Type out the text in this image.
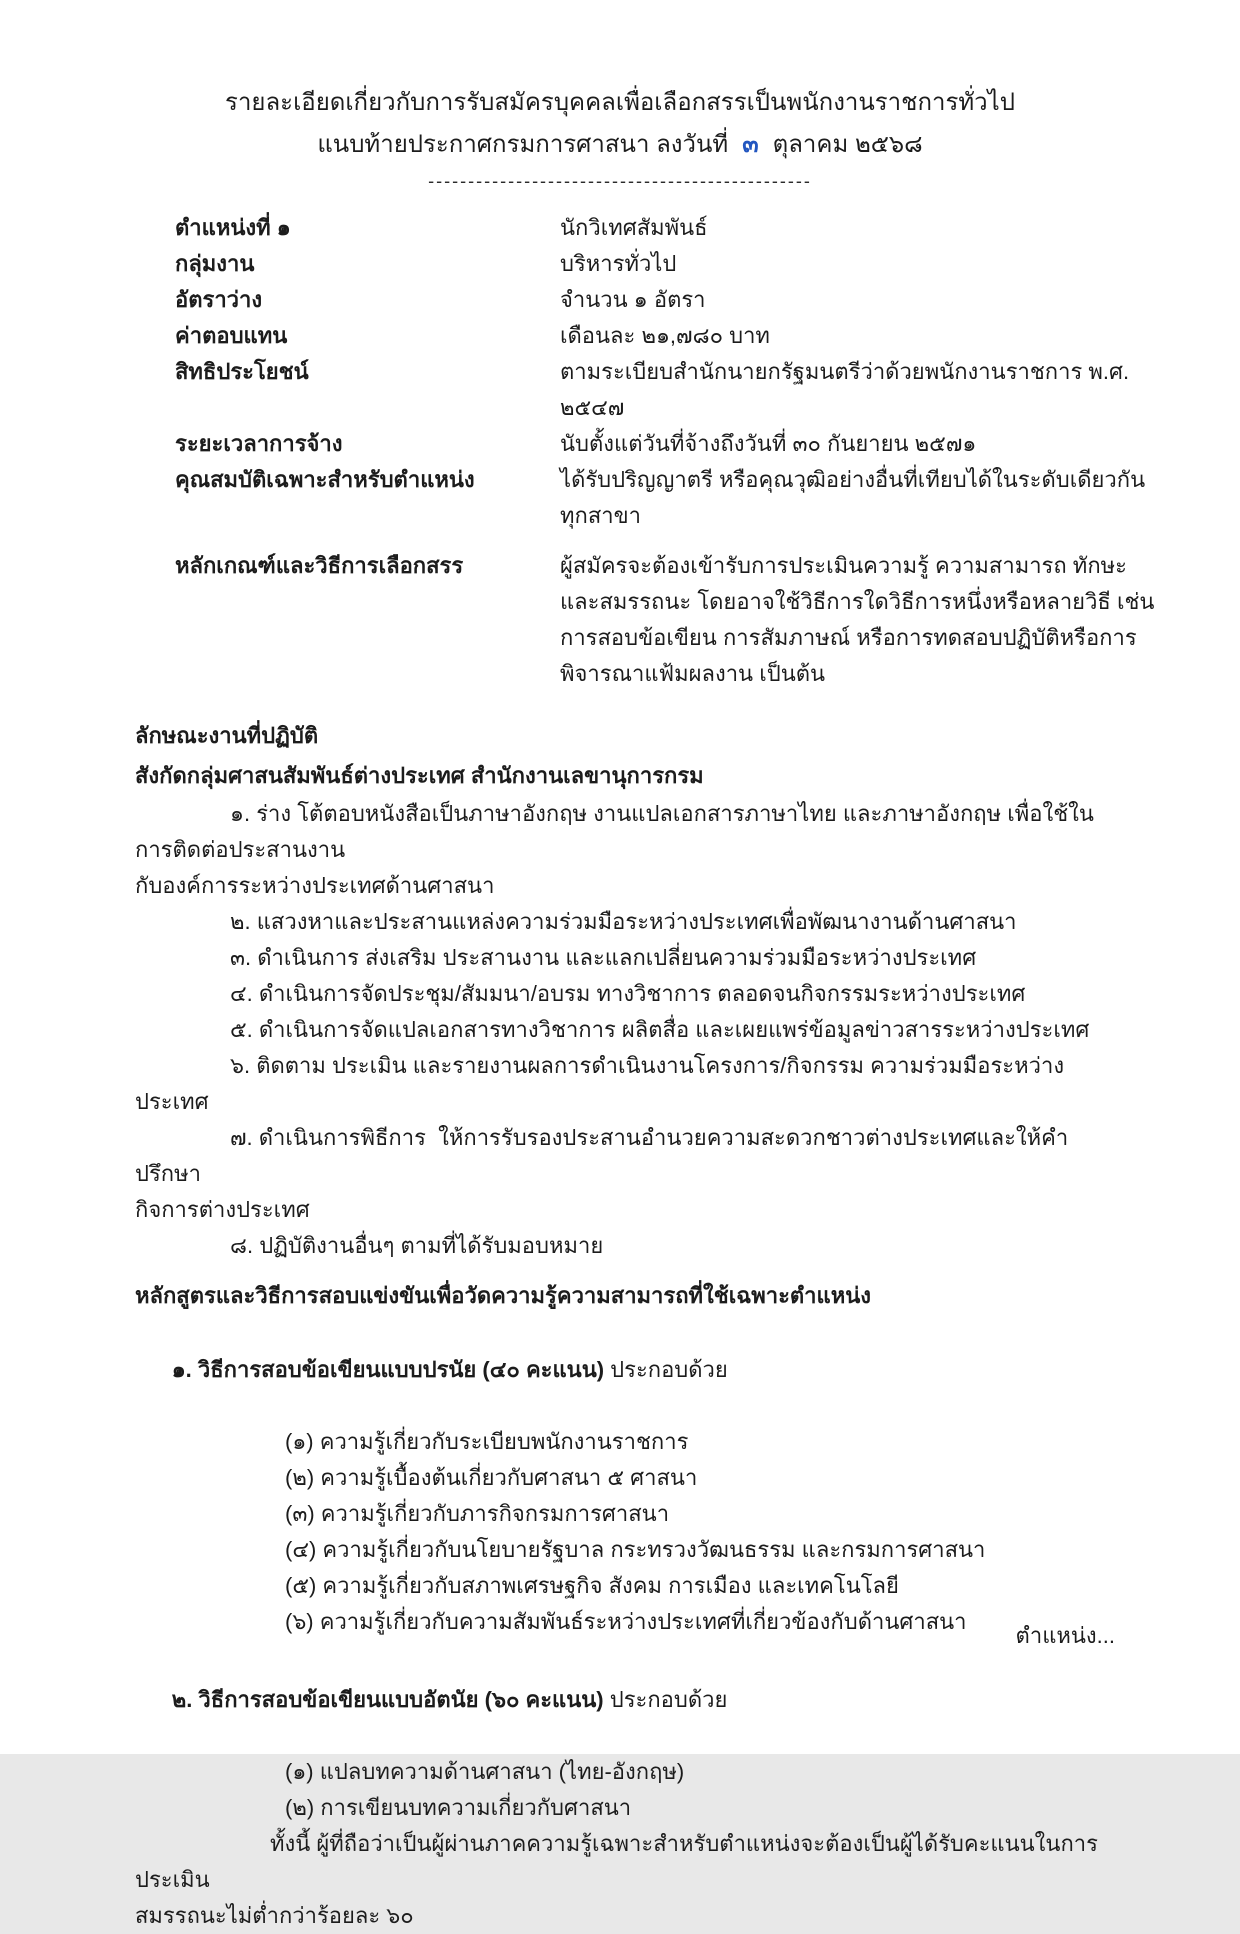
รายละเอียดเกี่ยวกับการรับสมัครบุคคลเพื่อเลือกสรรเป็นพนักงานราชการทั่วไป
แนบท้ายประกาศกรมการศาสนา ลงวันที่ ๓ ตุลาคม ๒๕๖๘
------------------------------------------------
ตำแหน่งที่ ๑	นักวิเทศสัมพันธ์
กลุ่มงาน	บริหารทั่วไป
อัตราว่าง	จำนวน ๑ อัตรา
ค่าตอบแทน	เดือนละ ๒๑,๗๘๐ บาท
สิทธิประโยชน์	ตามระเบียบสำนักนายกรัฐมนตรีว่าด้วยพนักงานราชการ พ.ศ. ๒๕๔๗
ระยะเวลาการจ้าง	นับตั้งแต่วันที่จ้างถึงวันที่ ๓๐ กันยายน ๒๕๗๑
คุณสมบัติเฉพาะสำหรับตำแหน่ง	ได้รับปริญญาตรี หรือคุณวุฒิอย่างอื่นที่เทียบได้ในระดับเดียวกัน
ทุกสาขา
หลักเกณฑ์และวิธีการเลือกสรร	ผู้สมัครจะต้องเข้ารับการประเมินความรู้ ความสามารถ ทักษะ
และสมรรถนะ โดยอาจใช้วิธีการใดวิธีการหนึ่งหรือหลายวิธี เช่น
การสอบข้อเขียน การสัมภาษณ์ หรือการทดสอบปฏิบัติหรือการ
พิจารณาแฟ้มผลงาน เป็นต้น
ลักษณะงานที่ปฏิบัติ
สังกัดกลุ่มศาสนสัมพันธ์ต่างประเทศ สำนักงานเลขานุการกรม
๑. ร่าง โต้ตอบหนังสือเป็นภาษาอังกฤษ งานแปลเอกสารภาษาไทย และภาษาอังกฤษ เพื่อใช้ในการติดต่อประสานงาน
กับองค์การระหว่างประเทศด้านศาสนา
๒. แสวงหาและประสานแหล่งความร่วมมือระหว่างประเทศเพื่อพัฒนางานด้านศาสนา
๓. ดำเนินการ ส่งเสริม ประสานงาน และแลกเปลี่ยนความร่วมมือระหว่างประเทศ
๔. ดำเนินการจัดประชุม/สัมมนา/อบรม ทางวิชาการ ตลอดจนกิจกรรมระหว่างประเทศ
๕. ดำเนินการจัดแปลเอกสารทางวิชาการ ผลิตสื่อ และเผยแพร่ข้อมูลข่าวสารระหว่างประเทศ
๖. ติดตาม ประเมิน และรายงานผลการดำเนินงานโครงการ/กิจกรรม ความร่วมมือระหว่างประเทศ
๗. ดำเนินการพิธีการ  ให้การรับรองประสานอำนวยความสะดวกชาวต่างประเทศและให้คำปรึกษา
กิจการต่างประเทศ
๘. ปฏิบัติงานอื่นๆ ตามที่ได้รับมอบหมาย
หลักสูตรและวิธีการสอบแข่งขันเพื่อวัดความรู้ความสามารถที่ใช้เฉพาะตำแหน่ง

๑. วิธีการสอบข้อเขียนแบบปรนัย (๔๐ คะแนน) ประกอบด้วย

(๑) ความรู้เกี่ยวกับระเบียบพนักงานราชการ
(๒) ความรู้เบื้องต้นเกี่ยวกับศาสนา ๕ ศาสนา
(๓) ความรู้เกี่ยวกับภารกิจกรมการศาสนา
(๔) ความรู้เกี่ยวกับนโยบายรัฐบาล กระทรวงวัฒนธรรม และกรมการศาสนา
(๕) ความรู้เกี่ยวกับสภาพเศรษฐกิจ สังคม การเมือง และเทคโนโลยี
(๖) ความรู้เกี่ยวกับความสัมพันธ์ระหว่างประเทศที่เกี่ยวข้องกับด้านศาสนา

๒. วิธีการสอบข้อเขียนแบบอัตนัย (๖๐ คะแนน) ประกอบด้วย

(๑) แปลบทความด้านศาสนา (ไทย-อังกฤษ)
(๒) การเขียนบทความเกี่ยวกับศาสนา
ทั้งนี้ ผู้ที่ถือว่าเป็นผู้ผ่านภาคความรู้เฉพาะสำหรับตำแหน่งจะต้องเป็นผู้ได้รับคะแนนในการประเมิน
สมรรถนะไม่ต่ำกว่าร้อยละ ๖๐
ตำแหน่ง...
